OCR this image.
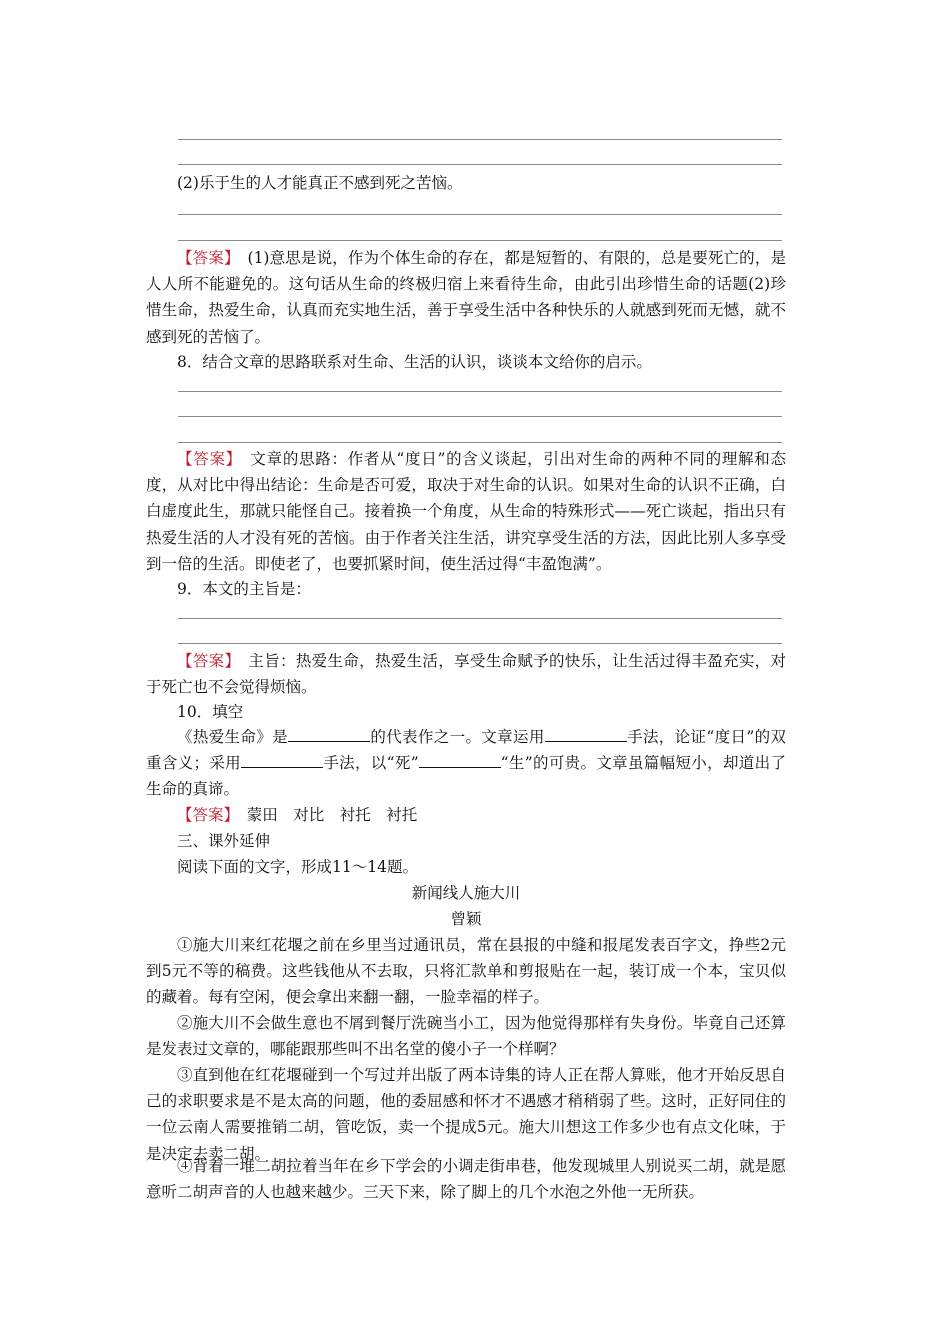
(2)乐于生的人才能真正不感到死之苦恼。
【答案】　 (1)意思是说，作为个体生命的存在，都是短暂的、有限的，总是要死亡的，是人人所不能避免的。这句话从生命的终极归宿上来看待生命，由此引出珍惜生命的话题(2)珍惜生命，热爱生命，认真而充实地生活，善于享受生活中各种快乐的人就感到死而无憾，就不感到死的苦恼了。
8．结合文章的思路联系对生命、生活的认识，谈谈本文给你的启示。
【答案】　 文章的思路：作者从“度日”的含义谈起，引出对生命的两种不同的理解和态度，从对比中得出结论：生命是否可爱，取决于对生命的认识。如果对生命的认识不正确，白白虚度此生，那就只能怪自己。接着换一个角度，从生命的特殊形式——死亡谈起，指出只有热爱生活的人才没有死的苦恼。由于作者关注生活，讲究享受生活的方法，因此比别人多享受到一倍的生活。即使老了，也要抓紧时间，使生活过得“丰盈饱满”。
9．本文的主旨是：
【答案】　 主旨：热爱生命，热爱生活，享受生命赋予的快乐，让生活过得丰盈充实，对于死亡也不会觉得烦恼。
10．填空
《热爱生命》是	的代表作之一。文章运用	手法，论证“度日”的双重含义；采用	手法，以“死”	“生”的可贵。文章虽篇幅短小，却道出了生命的真谛。
【答案】　 蒙田　对比　衬托　衬托
三、课外延伸
阅读下面的文字，形成11～14题。
新闻线人施大川
曾颖
①施大川来红花堰之前在乡里当过通讯员，常在县报的中缝和报尾发表百字文，挣些2元到5元不等的稿费。这些钱他从不去取，只将汇款单和剪报贴在一起，装订成一个本，宝贝似的藏着。每有空闲，便会拿出来翻一翻，一脸幸福的样子。
②施大川不会做生意也不屑到餐厅洗碗当小工，因为他觉得那样有失身份。毕竟自己还算是发表过文章的，哪能跟那些叫不出名堂的傻小子一个样啊？
③直到他在红花堰碰到一个写过并出版了两本诗集的诗人正在帮人算账，他才开始反思自己的求职要求是不是太高的问题，他的委屈感和怀才不遇感才稍稍弱了些。这时，正好同住的一位云南人需要推销二胡，管吃饭，卖一个提成5元。施大川想这工作多少也有点文化味，于是决定去卖二胡。
④背着一堆二胡拉着当年在乡下学会的小调走街串巷，他发现城里人别说买二胡，就是愿意听二胡声音的人也越来越少。三天下来，除了脚上的几个水泡之外他一无所获。
